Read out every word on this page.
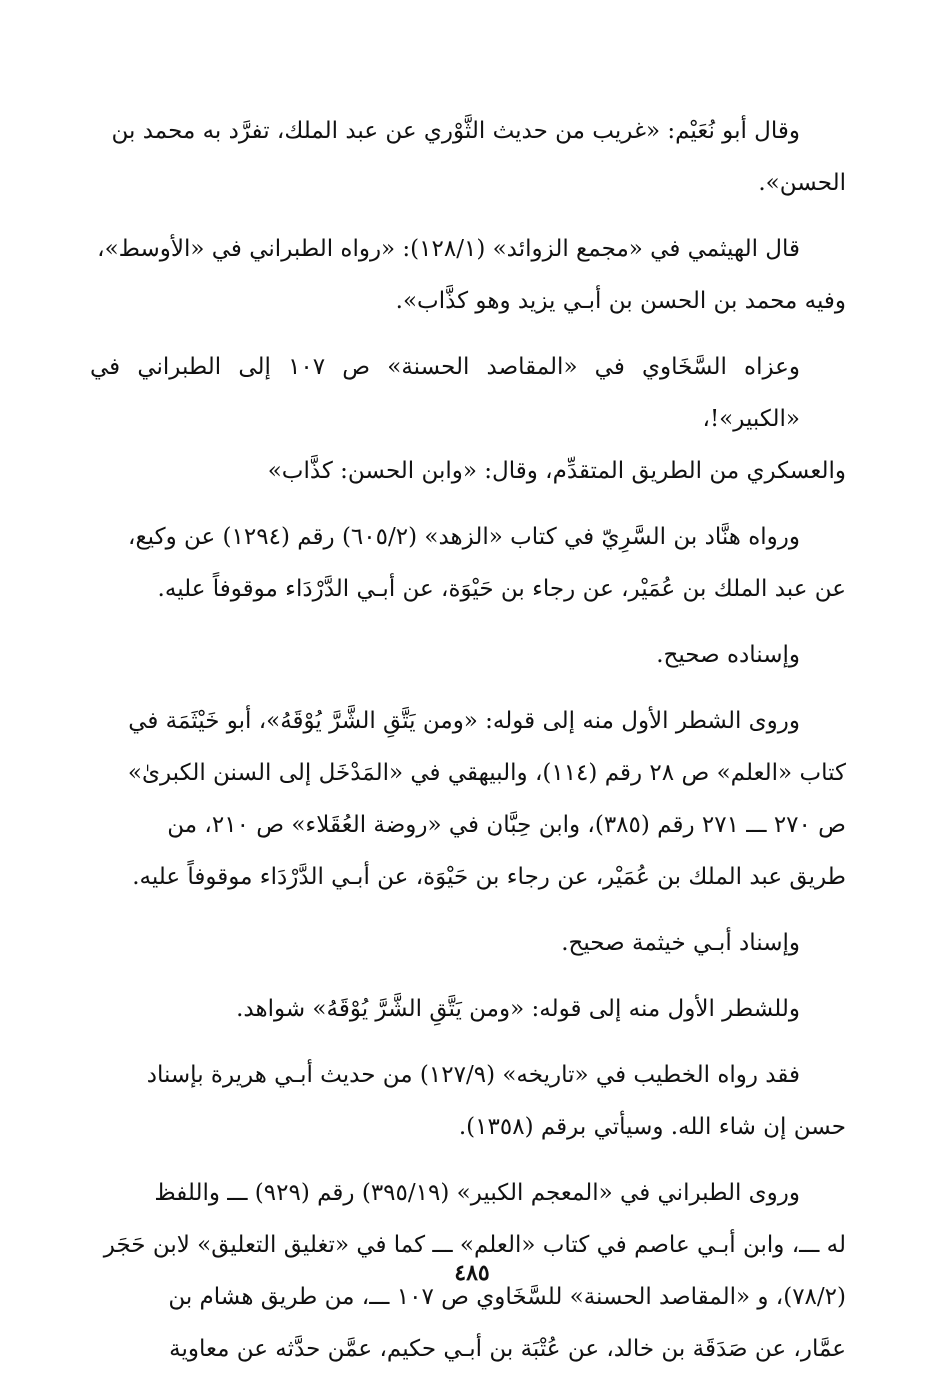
وقال أبو نُعَيْم: «غريب من حديث الثَّوْري عن عبد الملك، تفرَّد به محمد بن
الحسن».

قال الهيثمي في «مجمع الزوائد» (١٢٨/١): «رواه الطبراني في «الأوسط»،
وفيه محمد بن الحسن بن أبـي يزيد وهو كذَّاب».

وعزاه السَّخَاوي في «المقاصد الحسنة» ص ١٠٧ إلى الطبراني في «الكبير»!،
والعسكري من الطريق المتقدِّم، وقال: «وابن الحسن: كذَّاب»

ورواه هنَّاد بن السَّرِيّ في كتاب «الزهد» (٦٠٥/٢) رقم (١٢٩٤) عن وكيع،
عن عبد الملك بن عُمَيْر، عن رجاء بن حَيْوَة، عن أبـي الدَّرْدَاء موقوفاً عليه.

وإسناده صحيح.

وروى الشطر الأول منه إلى قوله: «ومن يَتَّقِ الشَّرَّ يُوْقَهُ»، أبو خَيْثَمَة في
كتاب «العلم» ص ٢٨ رقم (١١٤)، والبيهقي في «المَدْخَل إلى السنن الكبرىٰ»
ص ٢٧٠ ـــ ٢٧١ رقم (٣٨٥)، وابن حِبَّان في «روضة العُقَلاء» ص ٢١٠، من
طريق عبد الملك بن عُمَيْر، عن رجاء بن حَيْوَة، عن أبـي الدَّرْدَاء موقوفاً عليه.

وإسناد أبـي خيثمة صحيح.

وللشطر الأول منه إلى قوله: «ومن يَتَّقِ الشَّرَّ يُوْقَهُ» شواهد.

فقد رواه الخطيب في «تاريخه» (١٢٧/٩) من حديث أبـي هريرة بإسناد
حسن إن شاء الله. وسيأتي برقم (١٣٥٨).

وروى الطبراني في «المعجم الكبير» (٣٩٥/١٩) رقم (٩٢٩) ـــ واللفظ
له ـــ، وابن أبـي عاصم في كتاب «العلم» ـــ كما في «تغليق التعليق» لابن حَجَر
(٧٨/٢)، و «المقاصد الحسنة» للسَّخَاوي ص ١٠٧ ـــ، من طريق هشام بن
عمَّار، عن صَدَقَة بن خالد، عن عُتْبَة بن أبـي حكيم، عمَّن حدَّثه عن معاوية

٤٨٥
